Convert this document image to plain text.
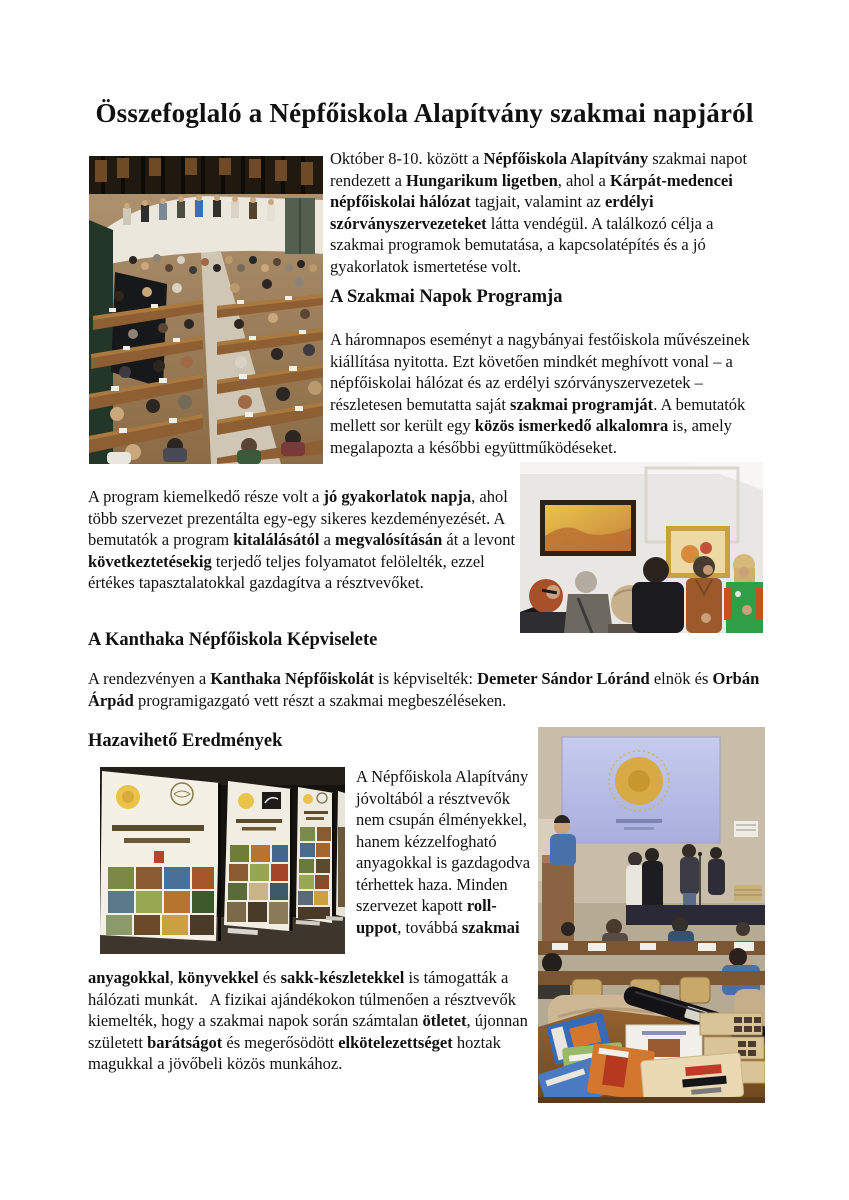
Összefoglaló a Népfőiskola Alapítvány szakmai napjáról
Október 8-10. között a Népfőiskola Alapítvány szakmai napot rendezett a Hungarikum ligetben, ahol a Kárpát-medencei népfőiskolai hálózat tagjait, valamint az erdélyi szórványszervezeteket látta vendégül. A találkozó célja a szakmai programok bemutatása, a kapcsolatépítés és a jó gyakorlatok ismertetése volt.
A Szakmai Napok Programja
A háromnapos eseményt a nagybányai festőiskola művészeinek kiállítása nyitotta. Ezt követően mindkét meghívott vonal – a népfőiskolai hálózat és az erdélyi szórványszervezetek – részletesen bemutatta saját szakmai programját. A bemutatók mellett sor került egy közös ismerkedő alkalomra is, amely megalapozta a későbbi együttműködéseket.
A program kiemelkedő része volt a jó gyakorlatok napja, ahol több szervezet prezentálta egy-egy sikeres kezdeményezését. A bemutatók a program kitalálásától a megvalósításán át a levont következtetésekig terjedő teljes folyamatot felölelték, ezzel értékes tapasztalatokkal gazdagítva a résztvevőket.
A Kanthaka Népfőiskola Képviselete
A rendezvényen a Kanthaka Népfőiskolát is képviselték: Demeter Sándor Lóránd elnök és Orbán Árpád programigazgató vett részt a szakmai megbeszéléseken.
Hazavihető Eredmények
A Népfőiskola Alapítvány jóvoltából a résztvevők nem csupán élményekkel, hanem kézzelfogható anyagokkal is gazdagodva térhettek haza. Minden szervezet kapott roll-uppot, továbbá szakmai
anyagokkal, könyvekkel és sakk-készletekkel is támogatták a hálózati munkát.   A fizikai ajándékokon túlmenően a résztvevők kiemelték, hogy a szakmai napok során számtalan ötletet, újonnan született barátságot és megerősödött elkötelezettséget hoztak magukkal a jövőbeli közös munkához.
